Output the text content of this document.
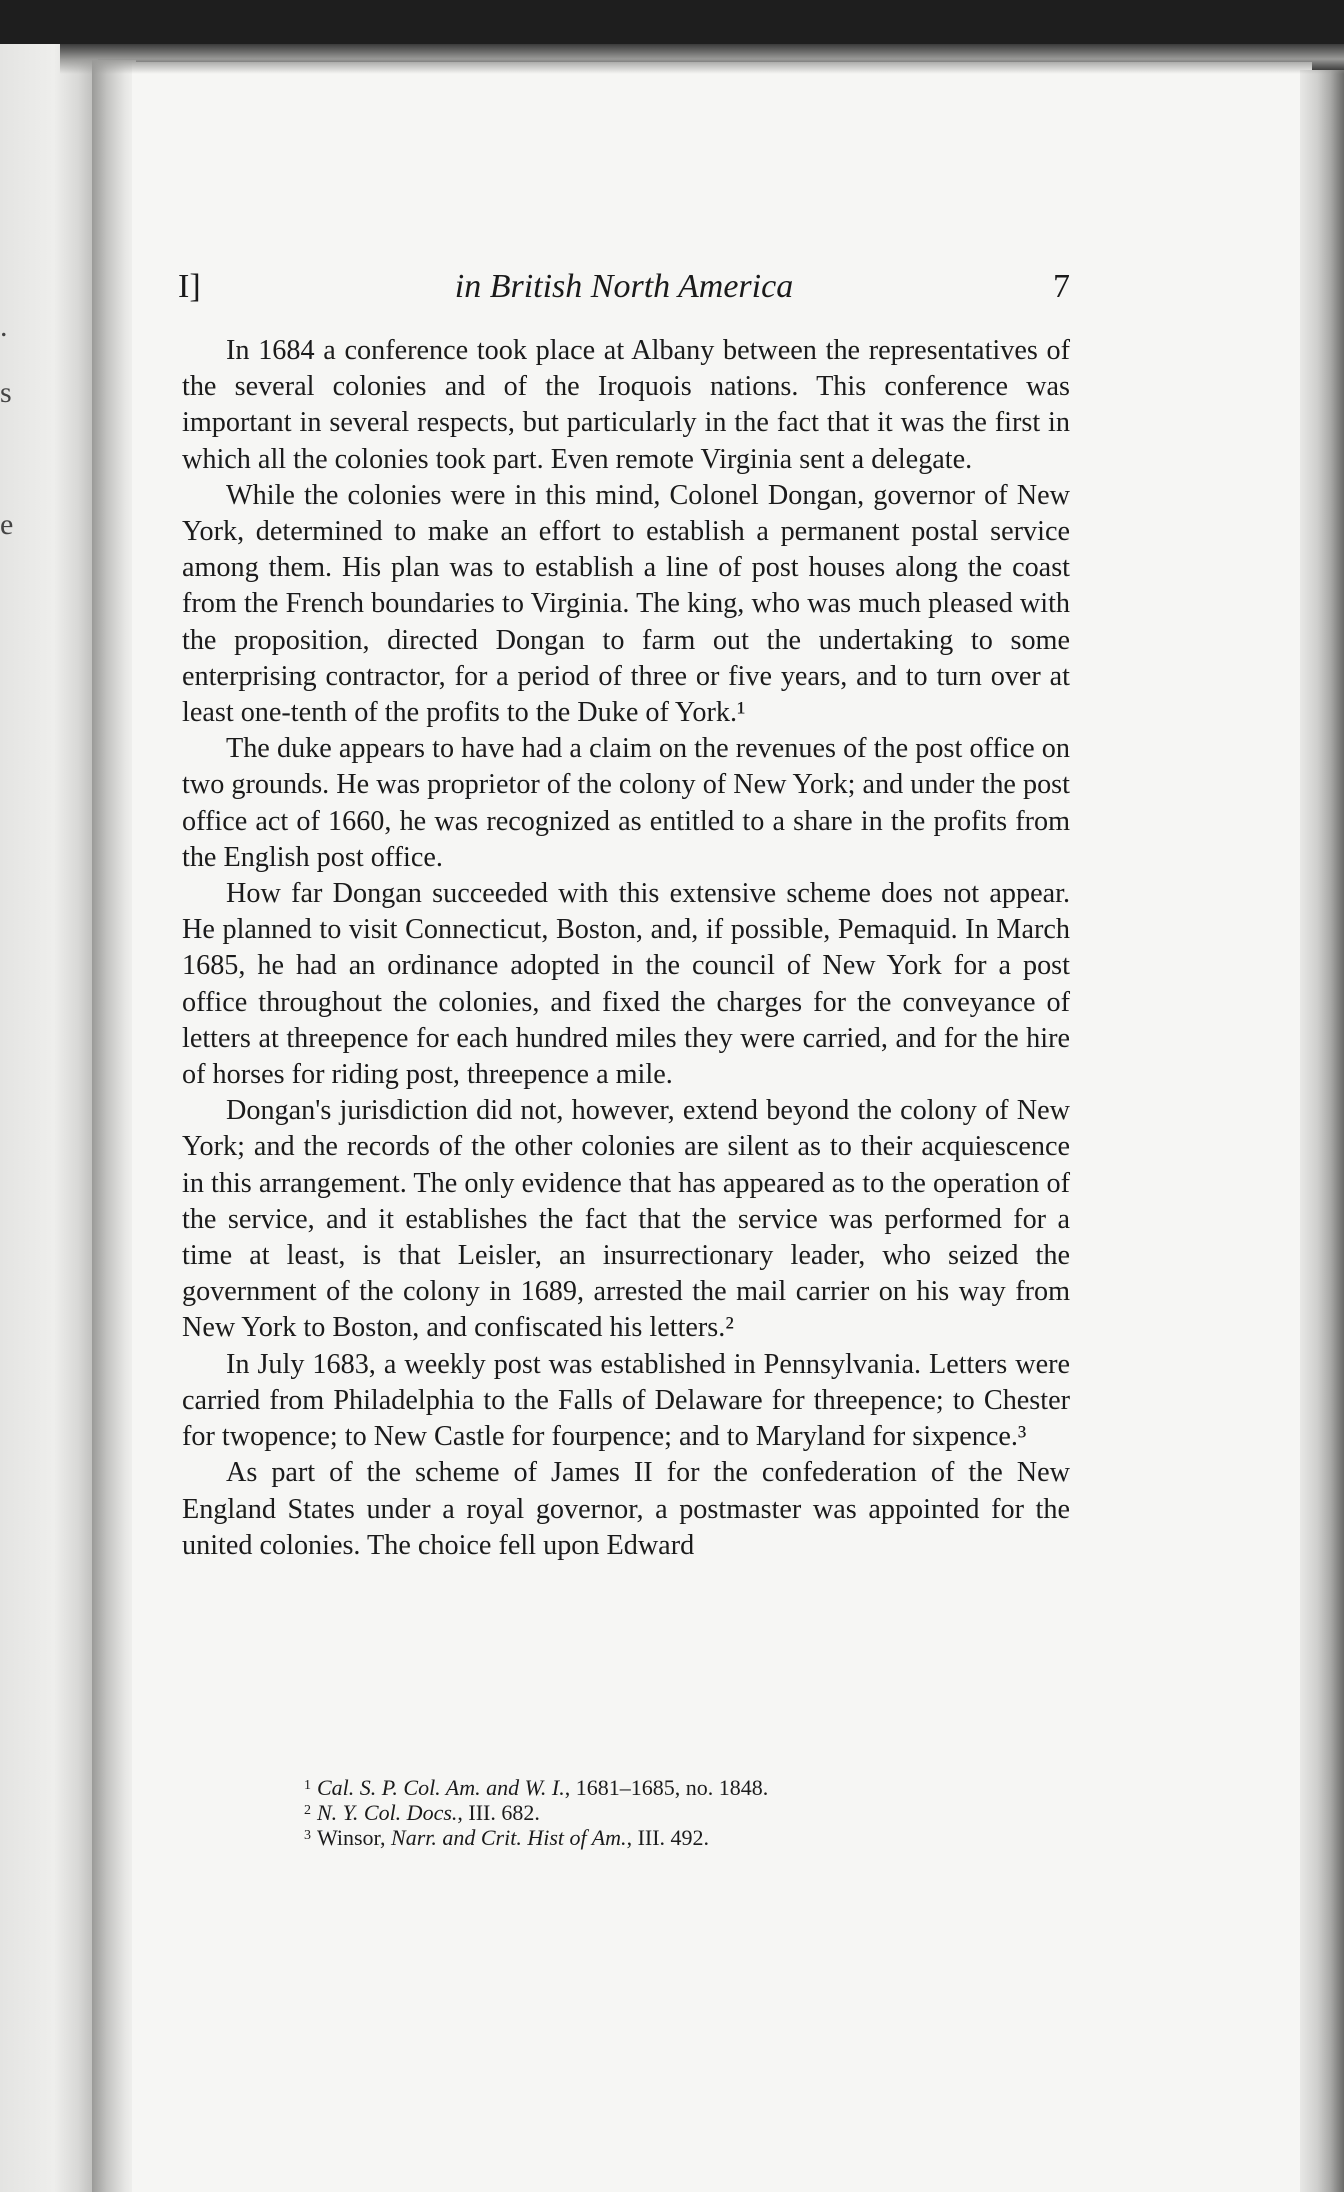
.
s

e
I]	in British North America	7

In 1684 a conference took place at Albany between the representatives of the several colonies and of the Iroquois nations. This conference was important in several respects, but particularly in the fact that it was the first in which all the colonies took part. Even remote Virginia sent a delegate.

While the colonies were in this mind, Colonel Dongan, governor of New York, determined to make an effort to establish a permanent postal service among them. His plan was to establish a line of post houses along the coast from the French boundaries to Virginia. The king, who was much pleased with the proposition, directed Dongan to farm out the undertaking to some enterprising contractor, for a period of three or five years, and to turn over at least one-tenth of the profits to the Duke of York.¹

The duke appears to have had a claim on the revenues of the post office on two grounds. He was proprietor of the colony of New York; and under the post office act of 1660, he was recognized as entitled to a share in the profits from the English post office.

How far Dongan succeeded with this extensive scheme does not appear. He planned to visit Connecticut, Boston, and, if possible, Pemaquid. In March 1685, he had an ordinance adopted in the council of New York for a post office throughout the colonies, and fixed the charges for the conveyance of letters at threepence for each hundred miles they were carried, and for the hire of horses for riding post, threepence a mile.

Dongan's jurisdiction did not, however, extend beyond the colony of New York; and the records of the other colonies are silent as to their acquiescence in this arrangement. The only evidence that has appeared as to the operation of the service, and it establishes the fact that the service was performed for a time at least, is that Leisler, an insurrectionary leader, who seized the government of the colony in 1689, arrested the mail carrier on his way from New York to Boston, and confiscated his letters.²

In July 1683, a weekly post was established in Pennsylvania. Letters were carried from Philadelphia to the Falls of Delaware for threepence; to Chester for twopence; to New Castle for fourpence; and to Maryland for sixpence.³

As part of the scheme of James II for the confederation of the New England States under a royal governor, a postmaster was appointed for the united colonies. The choice fell upon Edward

$^1$ Cal. S. P. Col. Am. and W. I., 1681–1685, no. 1848.
$^2$ N. Y. Col. Docs., III. 682.
$^3$ Winsor, Narr. and Crit. Hist of Am., III. 492.
